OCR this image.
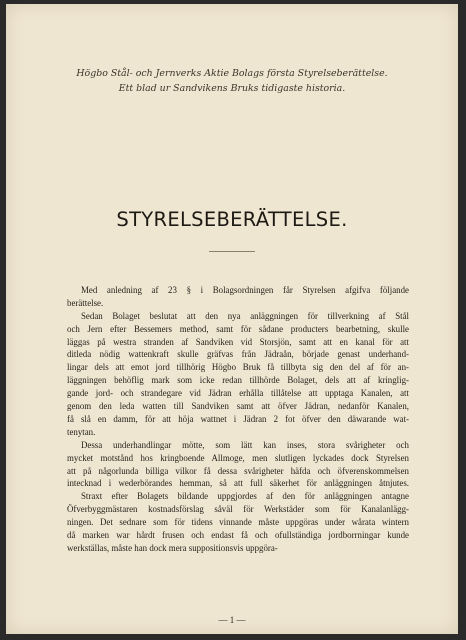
Högbo Stål- och Jernverks Aktie Bolags första Styrelseberättelse.
Ett blad ur Sandvikens Bruks tidigaste historia.
STYRELSEBERÄTTELSE.
Med anledning af 23 § i Bolagsordningen får Styrelsen afgifva följande
berättelse.
Sedan Bolaget beslutat att den nya anläggningen för tillverkning af Stål
och Jern efter Bessemers method, samt för sådane producters bearbetning, skulle
läggas på westra stranden af Sandviken vid Storsjön, samt att en kanal för att
ditleda nödig wattenkraft skulle gräfvas från Jädraån, började genast underhand-
lingar dels att emot jord tillhörig Högbo Bruk få tillbyta sig den del af för an-
läggningen behöflig mark som icke redan tillhörde Bolaget, dels att af kringlig-
gande jord- och strandegare vid Jädran erhålla tillåtelse att upptaga Kanalen, att
genom den leda watten till Sandviken samt att öfver Jädran, nedanför Kanalen,
få slå en damm, för att höja wattnet i Jädran 2 fot öfver den däwarande wat-
tenytan.
Dessa underhandlingar mötte, som lätt kan inses, stora svårigheter och
mycket motstånd hos kringboende Allmoge, men slutligen lyckades dock Styrelsen
att på någorlunda billiga vilkor få dessa svårigheter häfda och öfverenskommelsen
intecknad i wederbörandes hemman, så att full säkerhet för anläggningen åtnjutes.
Straxt efter Bolagets bildande uppgjordes af den för anläggningen antagne
Öfverbyggmästaren kostnadsförslag såväl för Werkstäder som för Kanalanlägg-
ningen. Det sednare som för tidens vinnande måste uppgöras under wårata wintern
då marken war hårdt frusen och endast få och ofullständiga jordborrningar kunde
werkställas, måste han dock mera suppositionsvis uppgöra-
— 1 —
